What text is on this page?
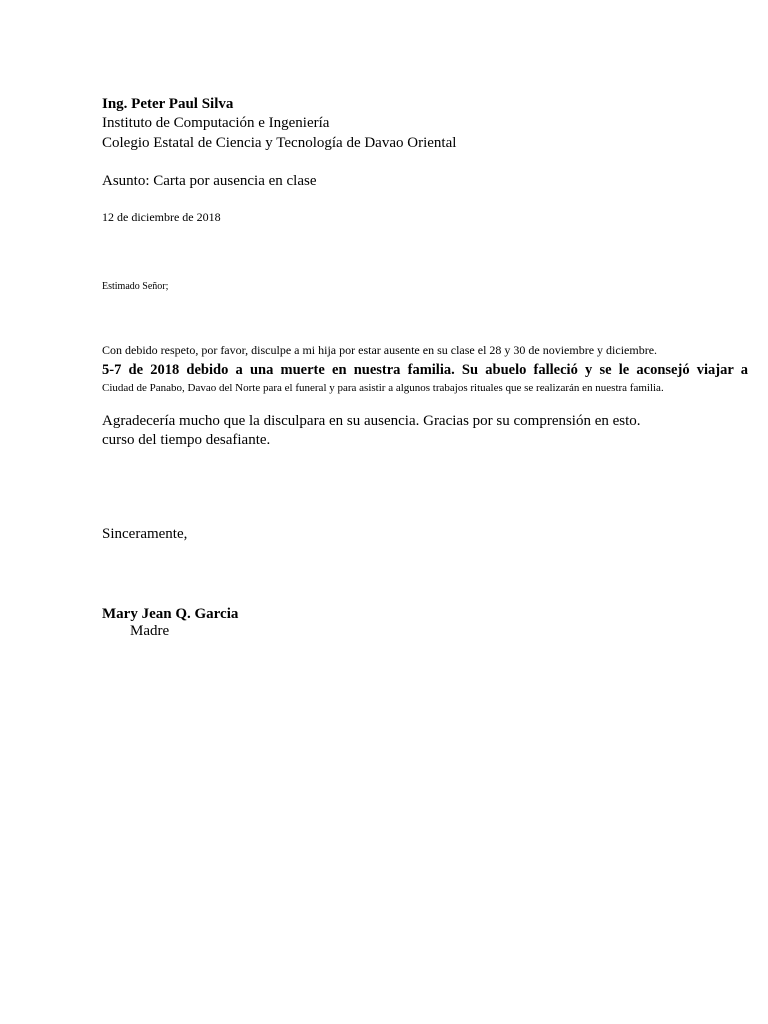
Ing. Peter Paul Silva
Instituto de Computación e Ingeniería
Colegio Estatal de Ciencia y Tecnología de Davao Oriental
Asunto: Carta por ausencia en clase
12 de diciembre de 2018
Estimado Señor;
Con debido respeto, por favor, disculpe a mi hija por estar ausente en su clase el 28 y 30 de noviembre y diciembre.
5-7 de 2018 debido a una muerte en nuestra familia. Su abuelo falleció y se le aconsejó viajar a
Ciudad de Panabo, Davao del Norte para el funeral y para asistir a algunos trabajos rituales que se realizarán en nuestra familia.
Agradecería mucho que la disculpara en su ausencia. Gracias por su comprensión en esto.
curso del tiempo desafiante.
Sinceramente,
Mary Jean Q. Garcia
Madre
